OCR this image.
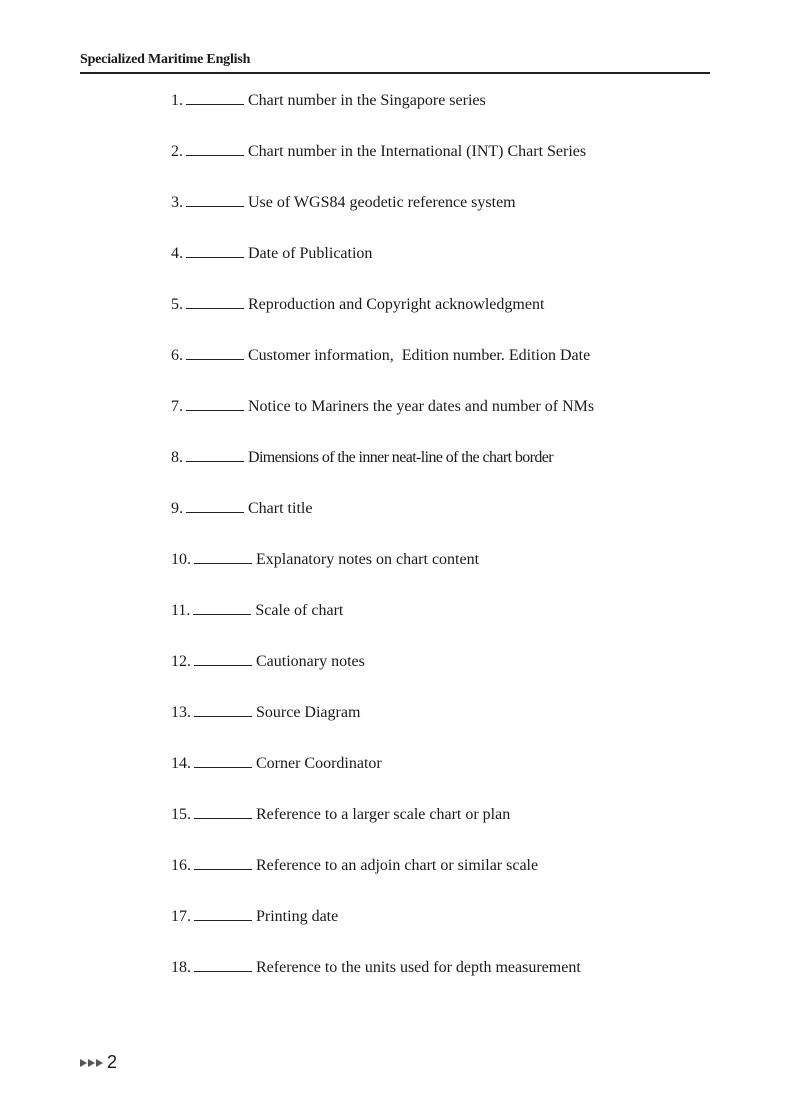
Specialized Maritime English
1.	Chart number in the Singapore series
2.	Chart number in the International (INT) Chart Series
3.	Use of WGS84 geodetic reference system
4.	Date of Publication
5.	Reproduction and Copyright acknowledgment
6.	Customer information,  Edition number. Edition Date
7.	Notice to Mariners the year dates and number of NMs
8.	Dimensions of the inner neat-line of the chart border
9.	Chart title
10.	Explanatory notes on chart content
11.	Scale of chart
12.	Cautionary notes
13.	Source Diagram
14.	Corner Coordinator
15.	Reference to a larger scale chart or plan
16.	Reference to an adjoin chart or similar scale
17.	Printing date
18.	Reference to the units used for depth measurement
2
